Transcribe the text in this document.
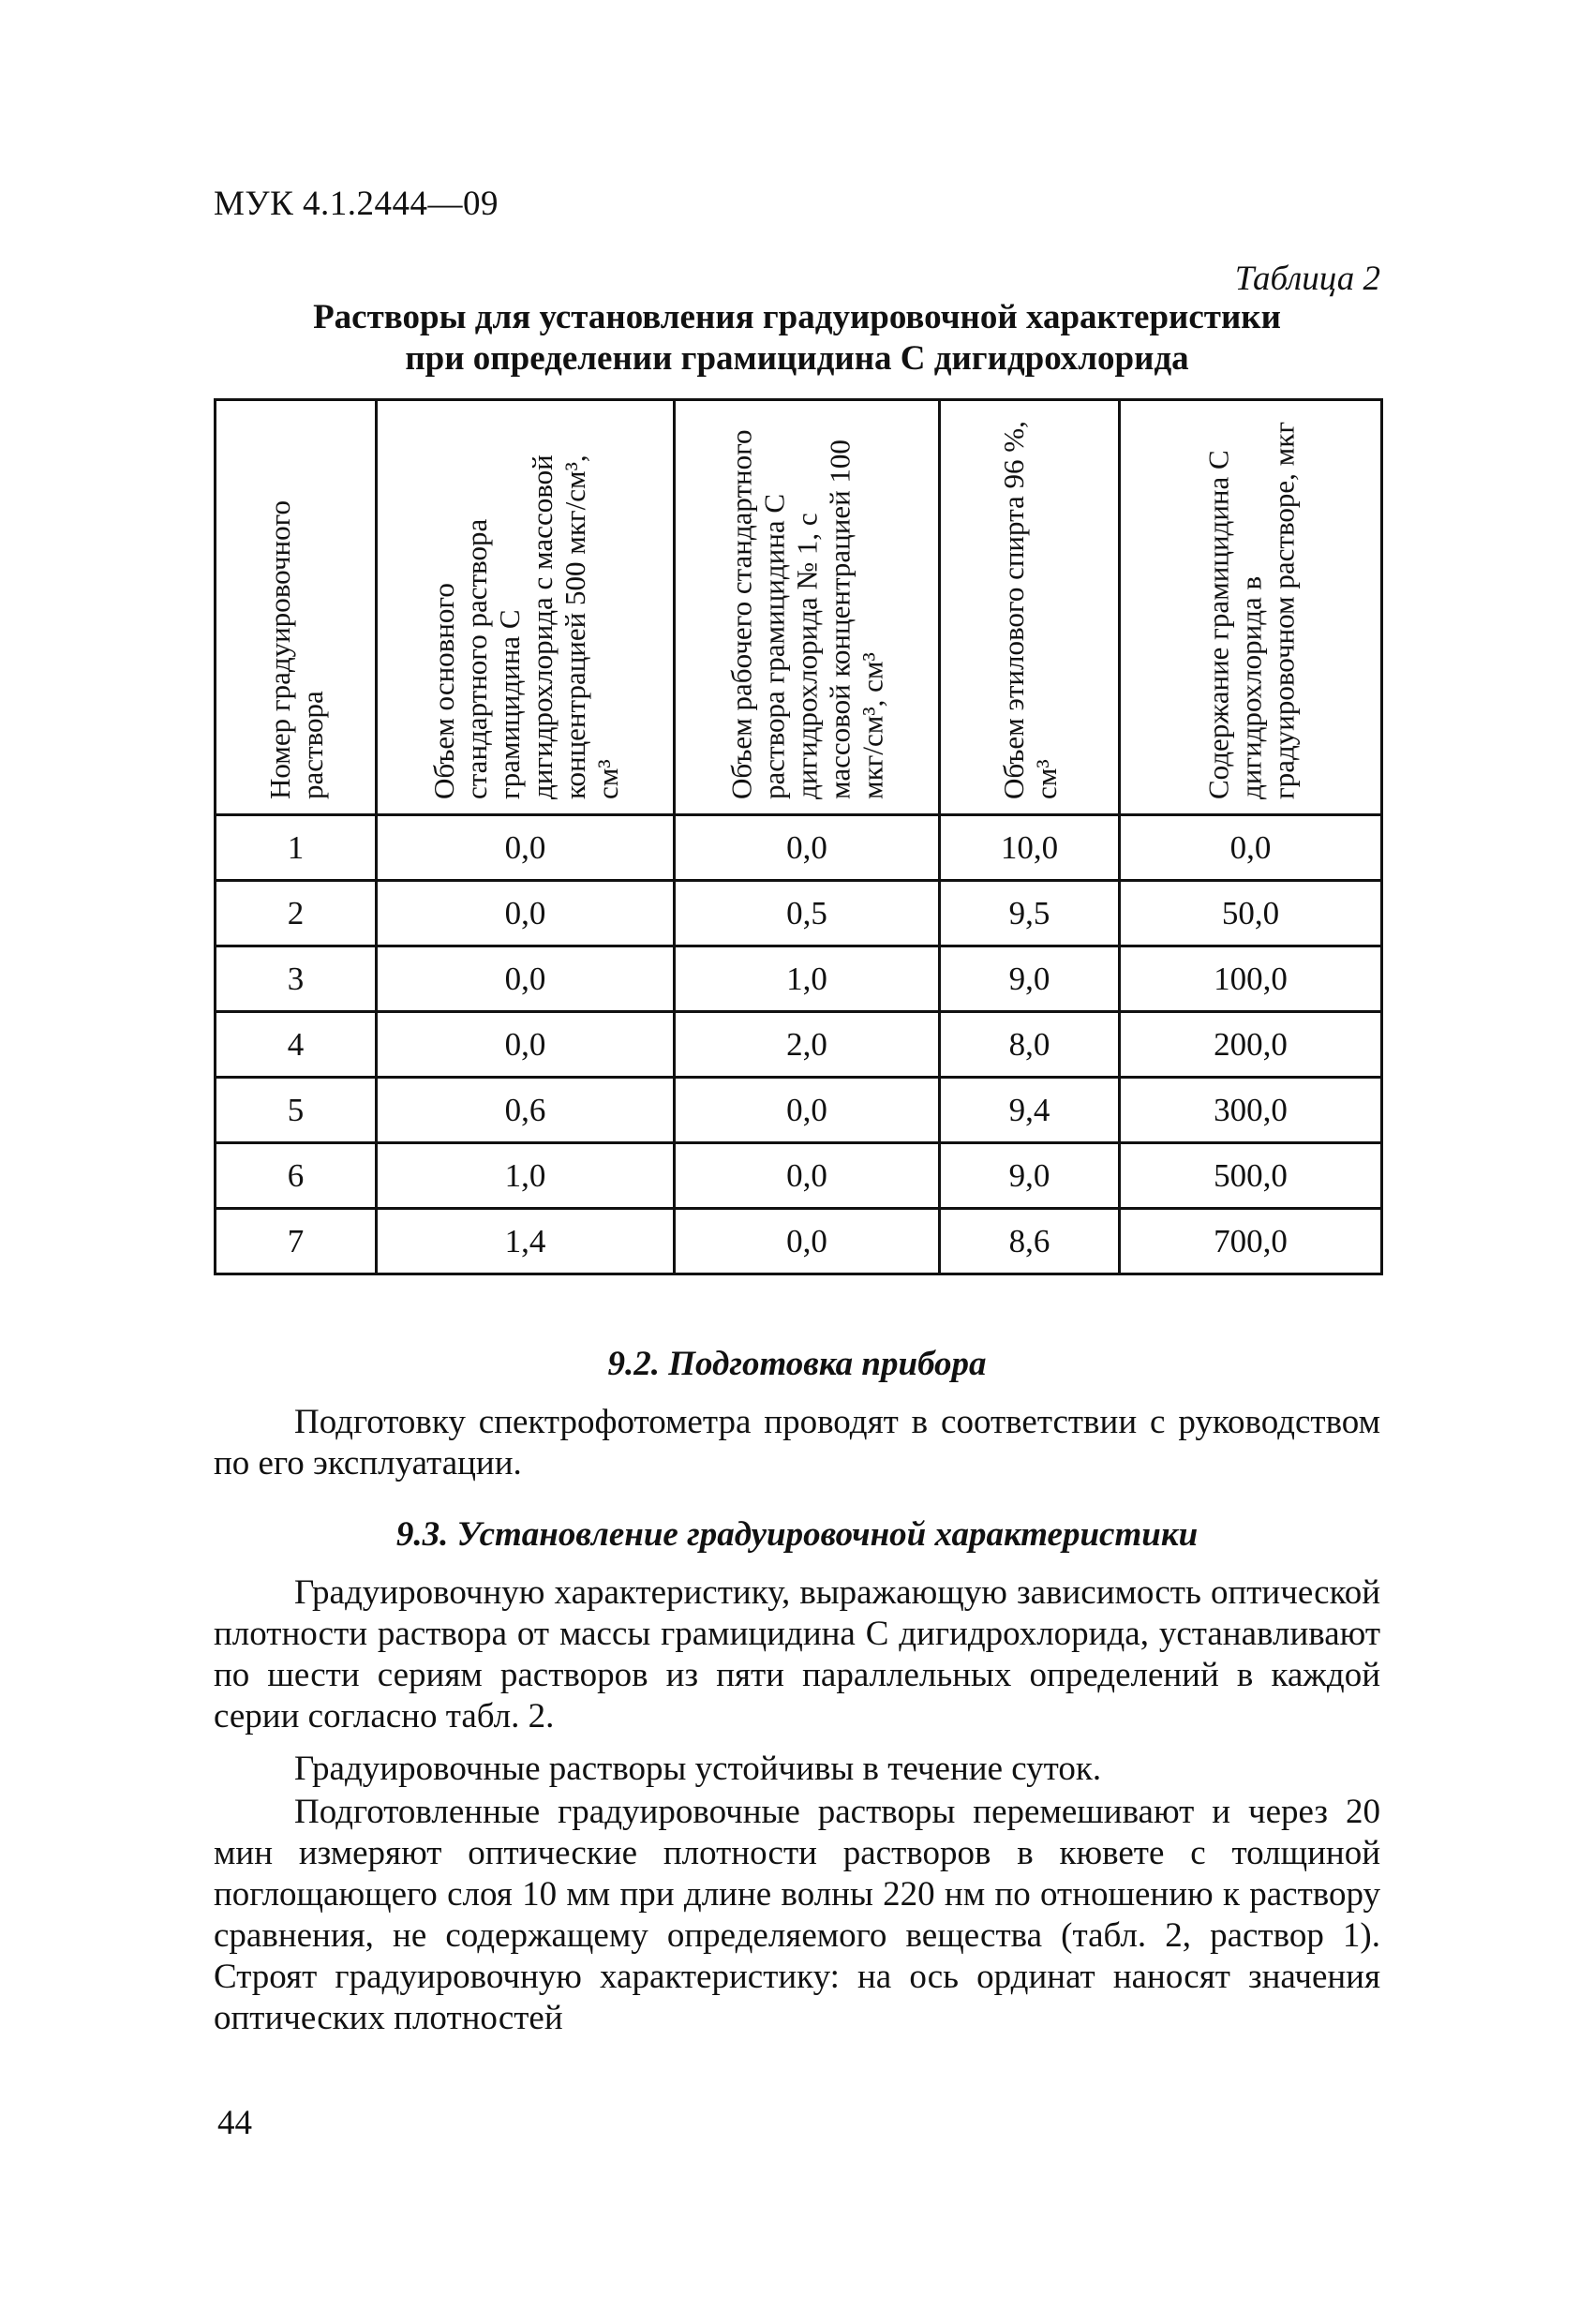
МУК 4.1.2444—09
Таблица 2
Растворы для установления градуировочной характеристики
при определении грамицидина С дигидрохлорида
Номер градуировочного раствора	Объем основного стандартного раствора грамицидина С дигидрохлорида с массовой концентрацией 500 мкг/см³, см³	Объем рабочего стандартного раствора грамицидина С дигидрохлорида № 1, с массовой концентрацией 100 мкг/см³, см³	Объем этилового спирта 96 %, см³	Содержание грамицидина С дигидрохлорида в градуировочном растворе, мкг

1	0,0	0,0	10,0	0,0
2	0,0	0,5	9,5	50,0
3	0,0	1,0	9,0	100,0
4	0,0	2,0	8,0	200,0
5	0,6	0,0	9,4	300,0
6	1,0	0,0	9,0	500,0
7	1,4	0,0	8,6	700,0
9.2. Подготовка прибора

Подготовку спектрофотометра проводят в соответствии с руководством по его эксплуатации.

9.3. Установление градуировочной характеристики

Градуировочную характеристику, выражающую зависимость оптической плотности раствора от массы грамицидина С дигидрохлорида, устанавливают по шести сериям растворов из пяти параллельных определений в каждой серии согласно табл. 2.

Градуировочные растворы устойчивы в течение суток.

Подготовленные градуировочные растворы перемешивают и через 20 мин измеряют оптические плотности растворов в кювете с толщиной поглощающего слоя 10 мм при длине волны 220 нм по отношению к раствору сравнения, не содержащему определяемого вещества (табл. 2, раствор 1). Строят градуировочную характеристику: на ось ординат наносят значения оптических плотностей

44
